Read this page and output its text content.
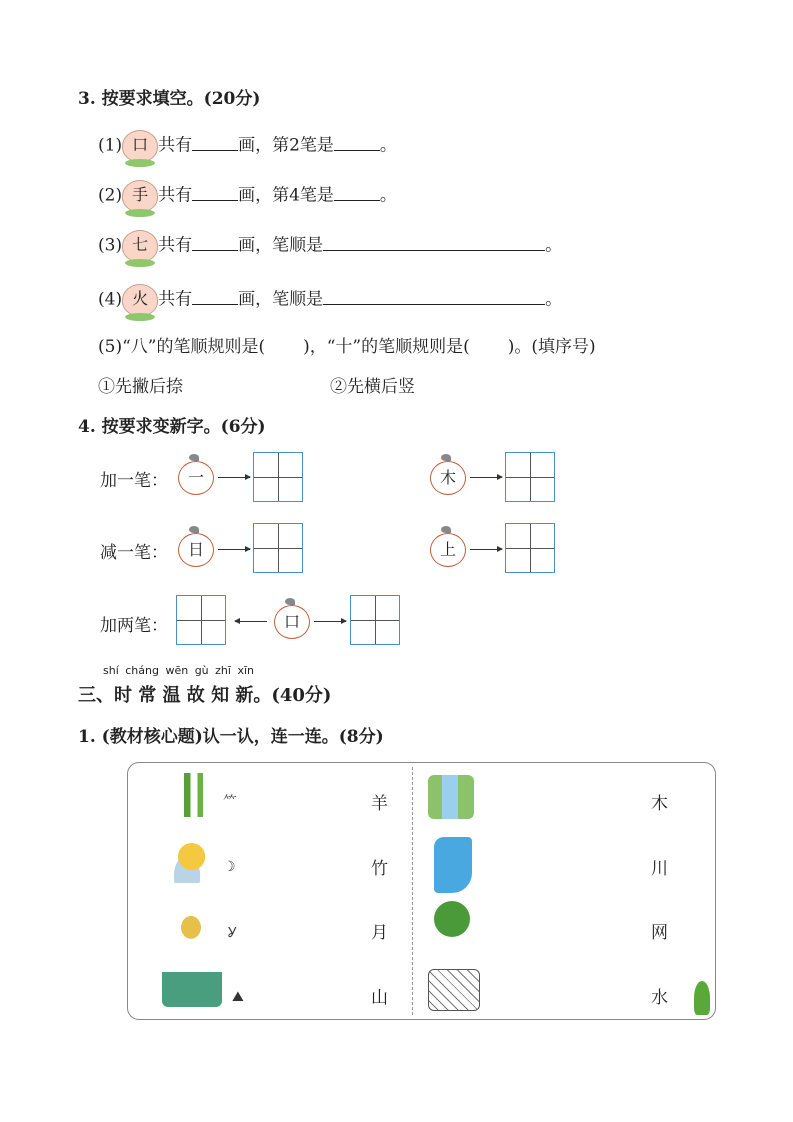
3. 按要求填空。(20分)
(1) 口 共有	画，第2笔是	。
(2) 手 共有	画，第4笔是	。
(3) 七 共有	画，笔顺是	。
(4) 火 共有	画，笔顺是	。
(5)“八”的笔顺规则是( )，“十”的笔顺规则是( )。(填序号)
①先撇后捺	②先横后竖
4. 按要求变新字。(6分)
加一笔：	一	木
减一笔：	日	上
加两笔：	口
shí cháng wēn gù zhī xīn
三、时 常 温 故 知 新。(40分)
1. (教材核心题)认一认，连一连。(8分)
⺮
☽
Ỿ
⛰
羊
竹
月
山
木
川
网
水
